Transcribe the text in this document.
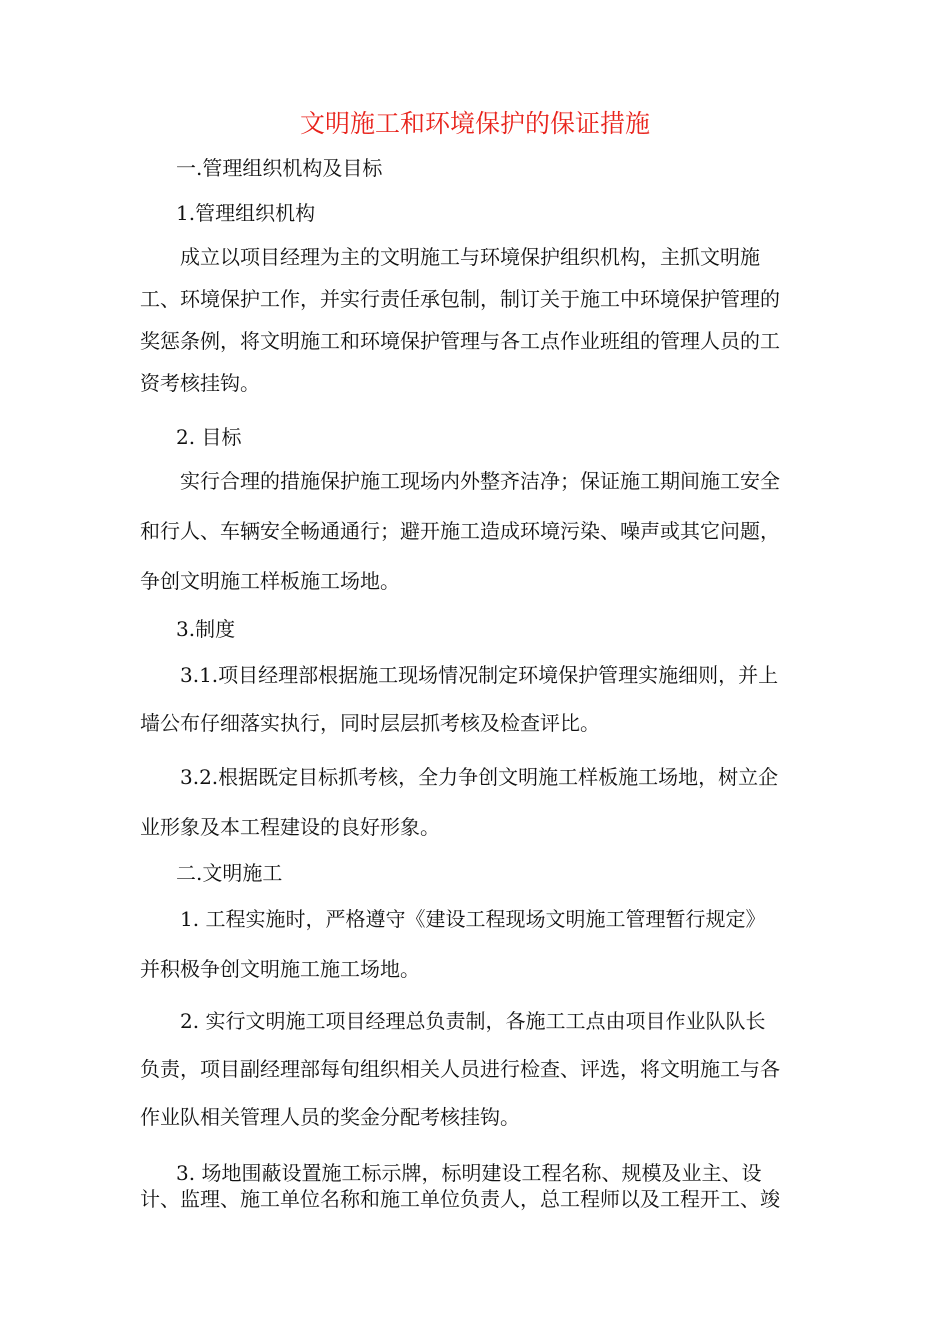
文明施工和环境保护的保证措施
一.管理组织机构及目标
1.管理组织机构
成立以项目经理为主的文明施工与环境保护组织机构，主抓文明施
工、环境保护工作，并实行责任承包制，制订关于施工中环境保护管理的
奖惩条例，将文明施工和环境保护管理与各工点作业班组的管理人员的工
资考核挂钩。
2. 目标
实行合理的措施保护施工现场内外整齐洁净；保证施工期间施工安全
和行人、车辆安全畅通通行；避开施工造成环境污染、噪声或其它问题，
争创文明施工样板施工场地。
3.制度
3.1.项目经理部根据施工现场情况制定环境保护管理实施细则，并上
墙公布仔细落实执行，同时层层抓考核及检查评比。
3.2.根据既定目标抓考核，全力争创文明施工样板施工场地，树立企
业形象及本工程建设的良好形象。
二.文明施工
1. 工程实施时，严格遵守《建设工程现场文明施工管理暂行规定》
并积极争创文明施工施工场地。
2. 实行文明施工项目经理总负责制，各施工工点由项目作业队队长
负责，项目副经理部每旬组织相关人员进行检查、评选，将文明施工与各
作业队相关管理人员的奖金分配考核挂钩。
3. 场地围蔽设置施工标示牌，标明建设工程名称、规模及业主、设
计、监理、施工单位名称和施工单位负责人，总工程师以及工程开工、竣
